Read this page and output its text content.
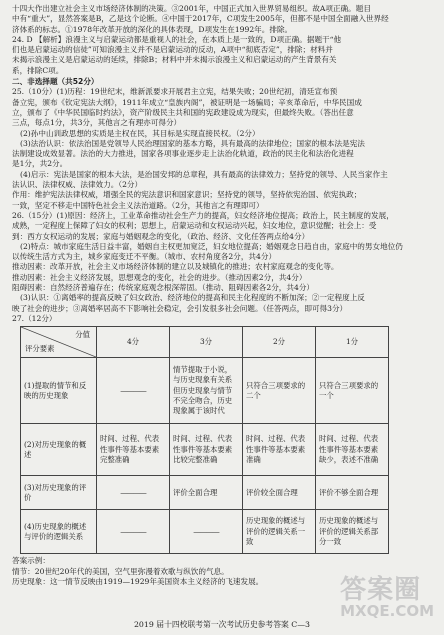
十四大作出建立社会主义市场经济体制的决策。③2001年，中国正式加入世界贸易组织。故A项正确。题目

中有“重大”，显然答案是B，乙是这个论断。④中国于2017年，C项发生2005年，但都不是中国全面融入世界经

济体系的标志。①1978年改革开放的深化的具体表现，D项发生在1992年。排除。

24. D 【解析】浪漫主义与启蒙运动都是重视人的社会，在本质上是一致的，D项正确。据题干“他

们也是启蒙运动的信徒”可知浪漫主义并不是启蒙运动的反动，A项中“彻底否定”，排除；材料并

未揭示浪漫主义是启蒙运动的延续，排除B；材料中并未揭示浪漫主义和启蒙运动的产生背景有关

系，排除C项。

二、非选择题（共52分）

25.（10分）(1)历程：19世纪末，维新派要求开展君主立宪，结果失败；20世纪初，清廷宣布预

备立宪，颁布《钦定宪法大纲》，1911年成立“皇族内阁”，被证明是一场骗局；辛亥革命后，中华民国成

立，颁布了《中华民国临时约法》，资产阶级民主共和国的宪政建设成为现实，但最终失败。（答出任意

三点，每点1分，共3分，其他言之有理亦可得分）

(2)孙中山训政思想的实质是主权在民，其目标是实现直接民权。（2分）

(3)法治认识：依法治国是党领导人民治理国家的基本方略，具有最高的法律地位；国家的根本法是宪法

法制建设成效显著。法治的大力推进，国家各项事业逐步走上法治化轨道，政治的民主化和法治化进程

是1分，共2分。

(4)启示：宪法是国家的根本大法，是治国安邦的总章程，具有最高的法律效力；坚持党的领导、人民当家作主

法认识、法律权威、法律效力。（2分）

作用：维护宪法法律权威，增强全民的宪法意识和国家意识；坚持党的领导，坚持依宪治国、依宪执政；

一致，坚定不移走中国特色社会主义法治道路。（2分，其他言之有理即可）

26.（15分）(1)原因：经济上，工业革命推动社会生产力的提高，妇女经济地位提高；政治上，民主制度的发展，

成熟，一定程度上保障了妇女的权利；思想上，启蒙运动和女权运动兴起，妇女地位，意识觉醒；社会上：受

到：西方女权运动的发展；家庭与婚姻观念的变化，（政治、经济、文化任答两点给4分）

(2)特点：城市家庭生活日益丰富，婚姻自主权更加宽泛，妇女地位提高；婚姻观念日趋自由，家庭中的男女地位仍

以传统生活方式为主，城乡家庭变迁不平衡。（城市、农村角度各2分，共4分）

推动因素：改革开放，社会主义市场经济体制的建立以及城镇化的推进；农村家庭观念的变化等。

推动因素：社会主义经济发展，思想观念的变化，社会的进步。（推动因素2分，共4分）

阻碍因素：自然经济普遍存在；传统家庭观念根深蒂固。（推动、阻碍因素各2分，共4分）

(3)认识：①离婚率的提高反映了妇女政治、经济地位的提高和民主化程度的不断加深；②一定程度上反

映了社会的进步；③离婚率居高不下影响社会稳定，会引发很多社会问题。（任答两点，即可得3分）

27.（12分）

分值
评分要素	4分	3分	2分	1分
(1)提取的情节和反映的历史现象	————	情节提取于小说，与历史现象有关系但历史现象与情节不完全吻合，历史现象属于该时代	只符合三项要求的二个	只符合三项要求的一个
(2)对历史现象的概述	时间、过程、代表性事件等基本要素完整准确	时间、过程、代表性事件等基本要素比较完整准确	时间、过程、代表性事件等基本要素准确	时间、过程、代表性事件等基本要素缺少，表述不准确
(3)对历史现象的评价	————	评价全面合理	评价较全面合理	评价不够全面合理
(4)历史现象的概述与评价的逻辑关系	————	————	历史现象的概述与评价的逻辑关系一致	历史现象的概述与评价的逻辑关系部分一致

答案示例：

情节：20世纪20年代的美国，空气里弥漫着欢歌与纵饮的气息。

历史现象：这一情节反映由1919—1929年美国资本主义经济的飞速发展。	答案圈
MXQE.COM
2019 届十四校联考第一次考试历史参考答案 C—3
